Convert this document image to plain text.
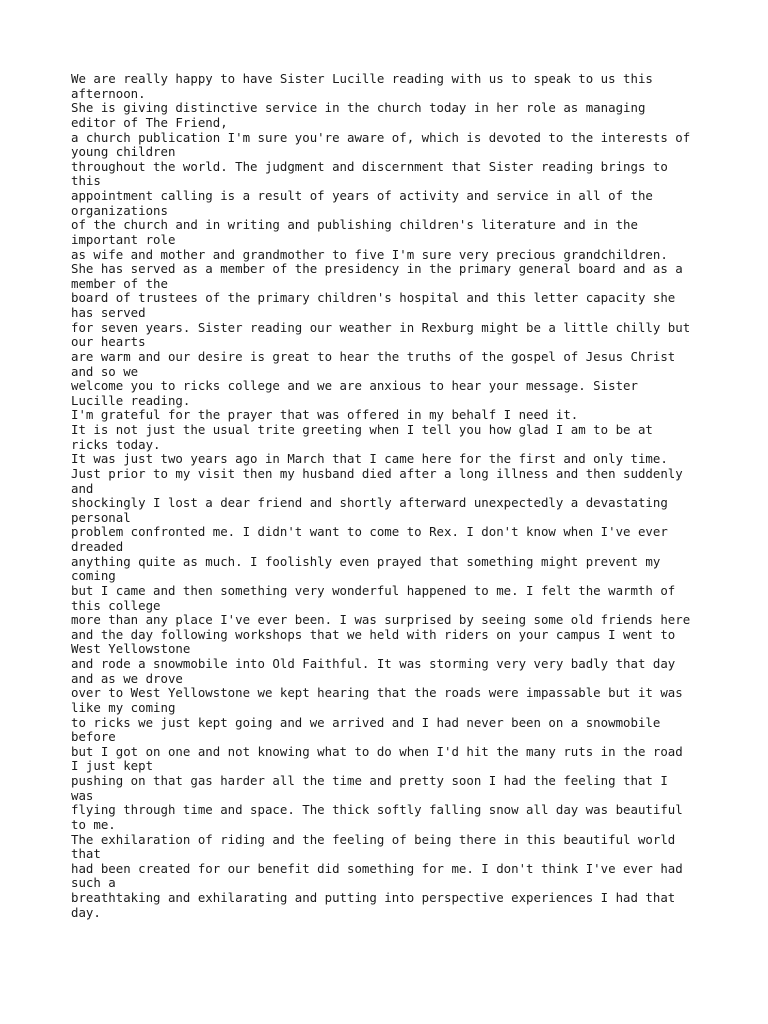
We are really happy to have Sister Lucille reading with us to speak to us this

afternoon.

She is giving distinctive service in the church today in her role as managing

editor of The Friend,

a church publication I'm sure you're aware of, which is devoted to the interests of

young children

throughout the world. The judgment and discernment that Sister reading brings to

this

appointment calling is a result of years of activity and service in all of the

organizations

of the church and in writing and publishing children's literature and in the

important role

as wife and mother and grandmother to five I'm sure very precious grandchildren.

She has served as a member of the presidency in the primary general board and as a

member of the

board of trustees of the primary children's hospital and this letter capacity she

has served

for seven years. Sister reading our weather in Rexburg might be a little chilly but

our hearts

are warm and our desire is great to hear the truths of the gospel of Jesus Christ

and so we

welcome you to ricks college and we are anxious to hear your message. Sister

Lucille reading.

I'm grateful for the prayer that was offered in my behalf I need it.

It is not just the usual trite greeting when I tell you how glad I am to be at

ricks today.

It was just two years ago in March that I came here for the first and only time.

Just prior to my visit then my husband died after a long illness and then suddenly

and

shockingly I lost a dear friend and shortly afterward unexpectedly a devastating

personal

problem confronted me. I didn't want to come to Rex. I don't know when I've ever

dreaded

anything quite as much. I foolishly even prayed that something might prevent my

coming

but I came and then something very wonderful happened to me. I felt the warmth of

this college

more than any place I've ever been. I was surprised by seeing some old friends here

and the day following workshops that we held with riders on your campus I went to

West Yellowstone

and rode a snowmobile into Old Faithful. It was storming very very badly that day

and as we drove

over to West Yellowstone we kept hearing that the roads were impassable but it was

like my coming

to ricks we just kept going and we arrived and I had never been on a snowmobile

before

but I got on one and not knowing what to do when I'd hit the many ruts in the road

I just kept

pushing on that gas harder all the time and pretty soon I had the feeling that I

was

flying through time and space. The thick softly falling snow all day was beautiful

to me.

The exhilaration of riding and the feeling of being there in this beautiful world

that

had been created for our benefit did something for me. I don't think I've ever had

such a

breathtaking and exhilarating and putting into perspective experiences I had that

day.
